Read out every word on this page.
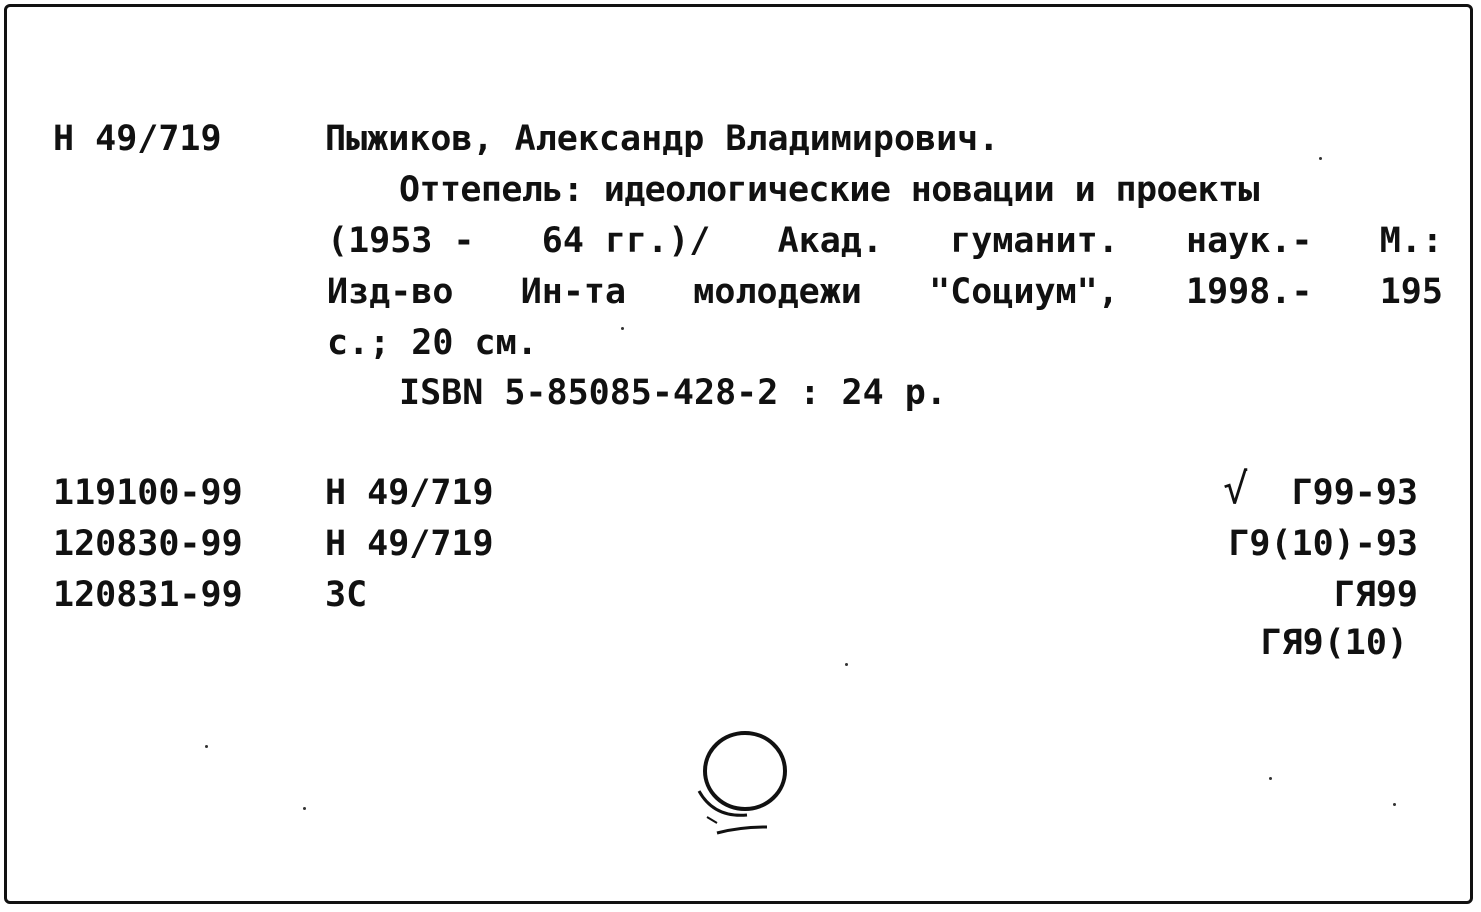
Н 49/719	Пыжиков, Александр Владимирович.
Оттепель: идеологические новации и проекты
(1953 - 64 гг.)/ Акад. гуманит. наук.- М.:
Изд-во Ин-та молодежи "Социум", 1998.- 195
с.; 20 см.
ISBN 5-85085-428-2 : 24 р.
119100-99 Н 49/719
120830-99 Н 49/719
120831-99 ЗС
√ Г99-93
Г9(10)-93
ГЯ99
ГЯ9(10)
